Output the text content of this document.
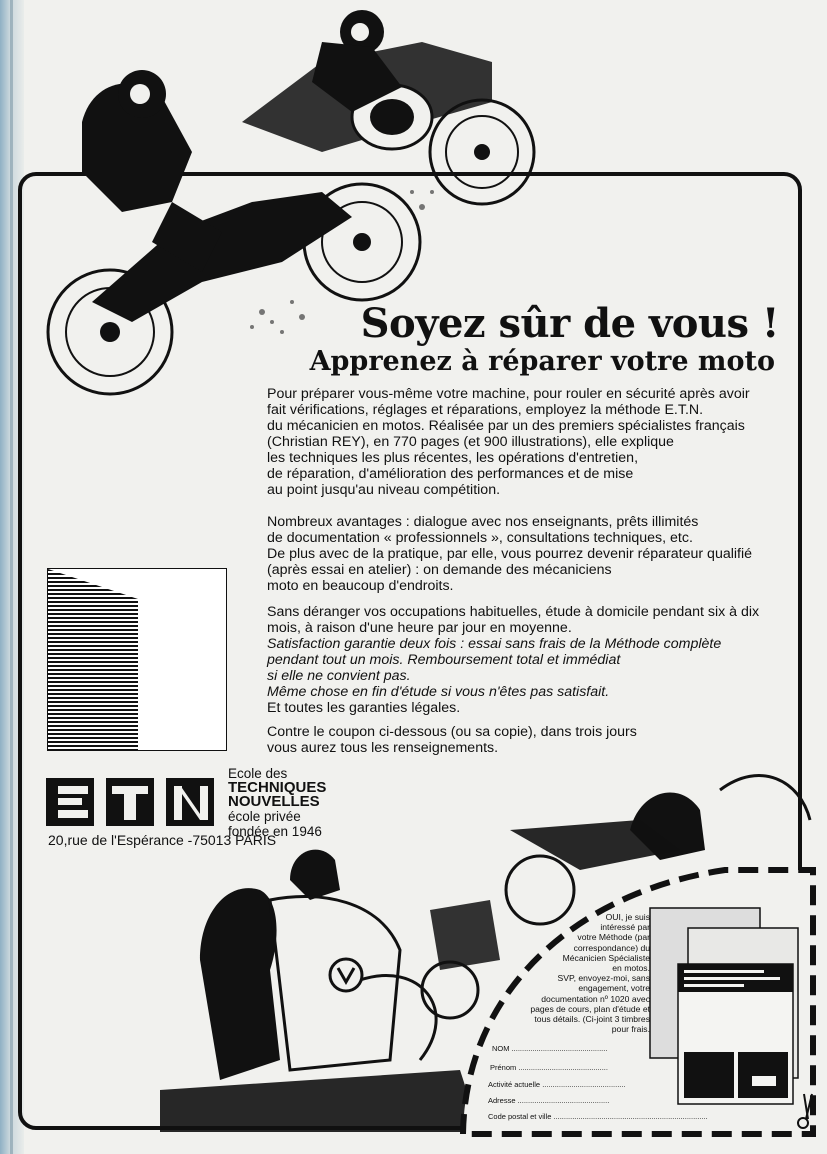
Soyez sûr de vous !
Apprenez à réparer votre moto

Pour préparer vous-même votre machine, pour rouler en sécurité après avoir
fait vérifications, réglages et réparations, employez la méthode E.T.N.
du mécanicien en motos. Réalisée par un des premiers spécialistes français
(Christian REY), en 770 pages (et 900 illustrations), elle explique
les techniques les plus récentes, les opérations d'entretien,
de réparation, d'amélioration des performances et de mise
au point jusqu'au niveau compétition.

Nombreux avantages : dialogue avec nos enseignants, prêts illimités
de documentation « professionnels », consultations techniques, etc.
De plus avec de la pratique, par elle, vous pourrez devenir réparateur qualifié
(après essai en atelier) : on demande des mécaniciens
moto en beaucoup d'endroits.

Sans déranger vos occupations habituelles, étude à domicile pendant six à dix
mois, à raison d'une heure par jour en moyenne.

Satisfaction garantie deux fois : essai sans frais de la Méthode complète
pendant tout un mois. Remboursement total et immédiat
si elle ne convient pas.
Même chose en fin d'étude si vous n'êtes pas satisfait.

Et toutes les garanties légales.

Contre le coupon ci-dessous (ou sa copie), dans trois jours
vous aurez tous les renseignements.

Ecole des
TECHNIQUES
NOUVELLES
école privée
fondée en 1946
20,rue de l'Espérance -75013 PARIS
OUI, je suis
intéressé par
votre Méthode (par
correspondance) du
Mécanicien Spécialiste
en motos.
SVP, envoyez-moi, sans
engagement, votre
documentation nº 1020 avec
pages de cours, plan d'étude et
tous détails. (Ci-joint 3 timbres
pour frais.
NOM ..............................................
Prénom ...........................................
Activité actuelle ........................................
Adresse ............................................
Code postal et ville ..........................................................................
